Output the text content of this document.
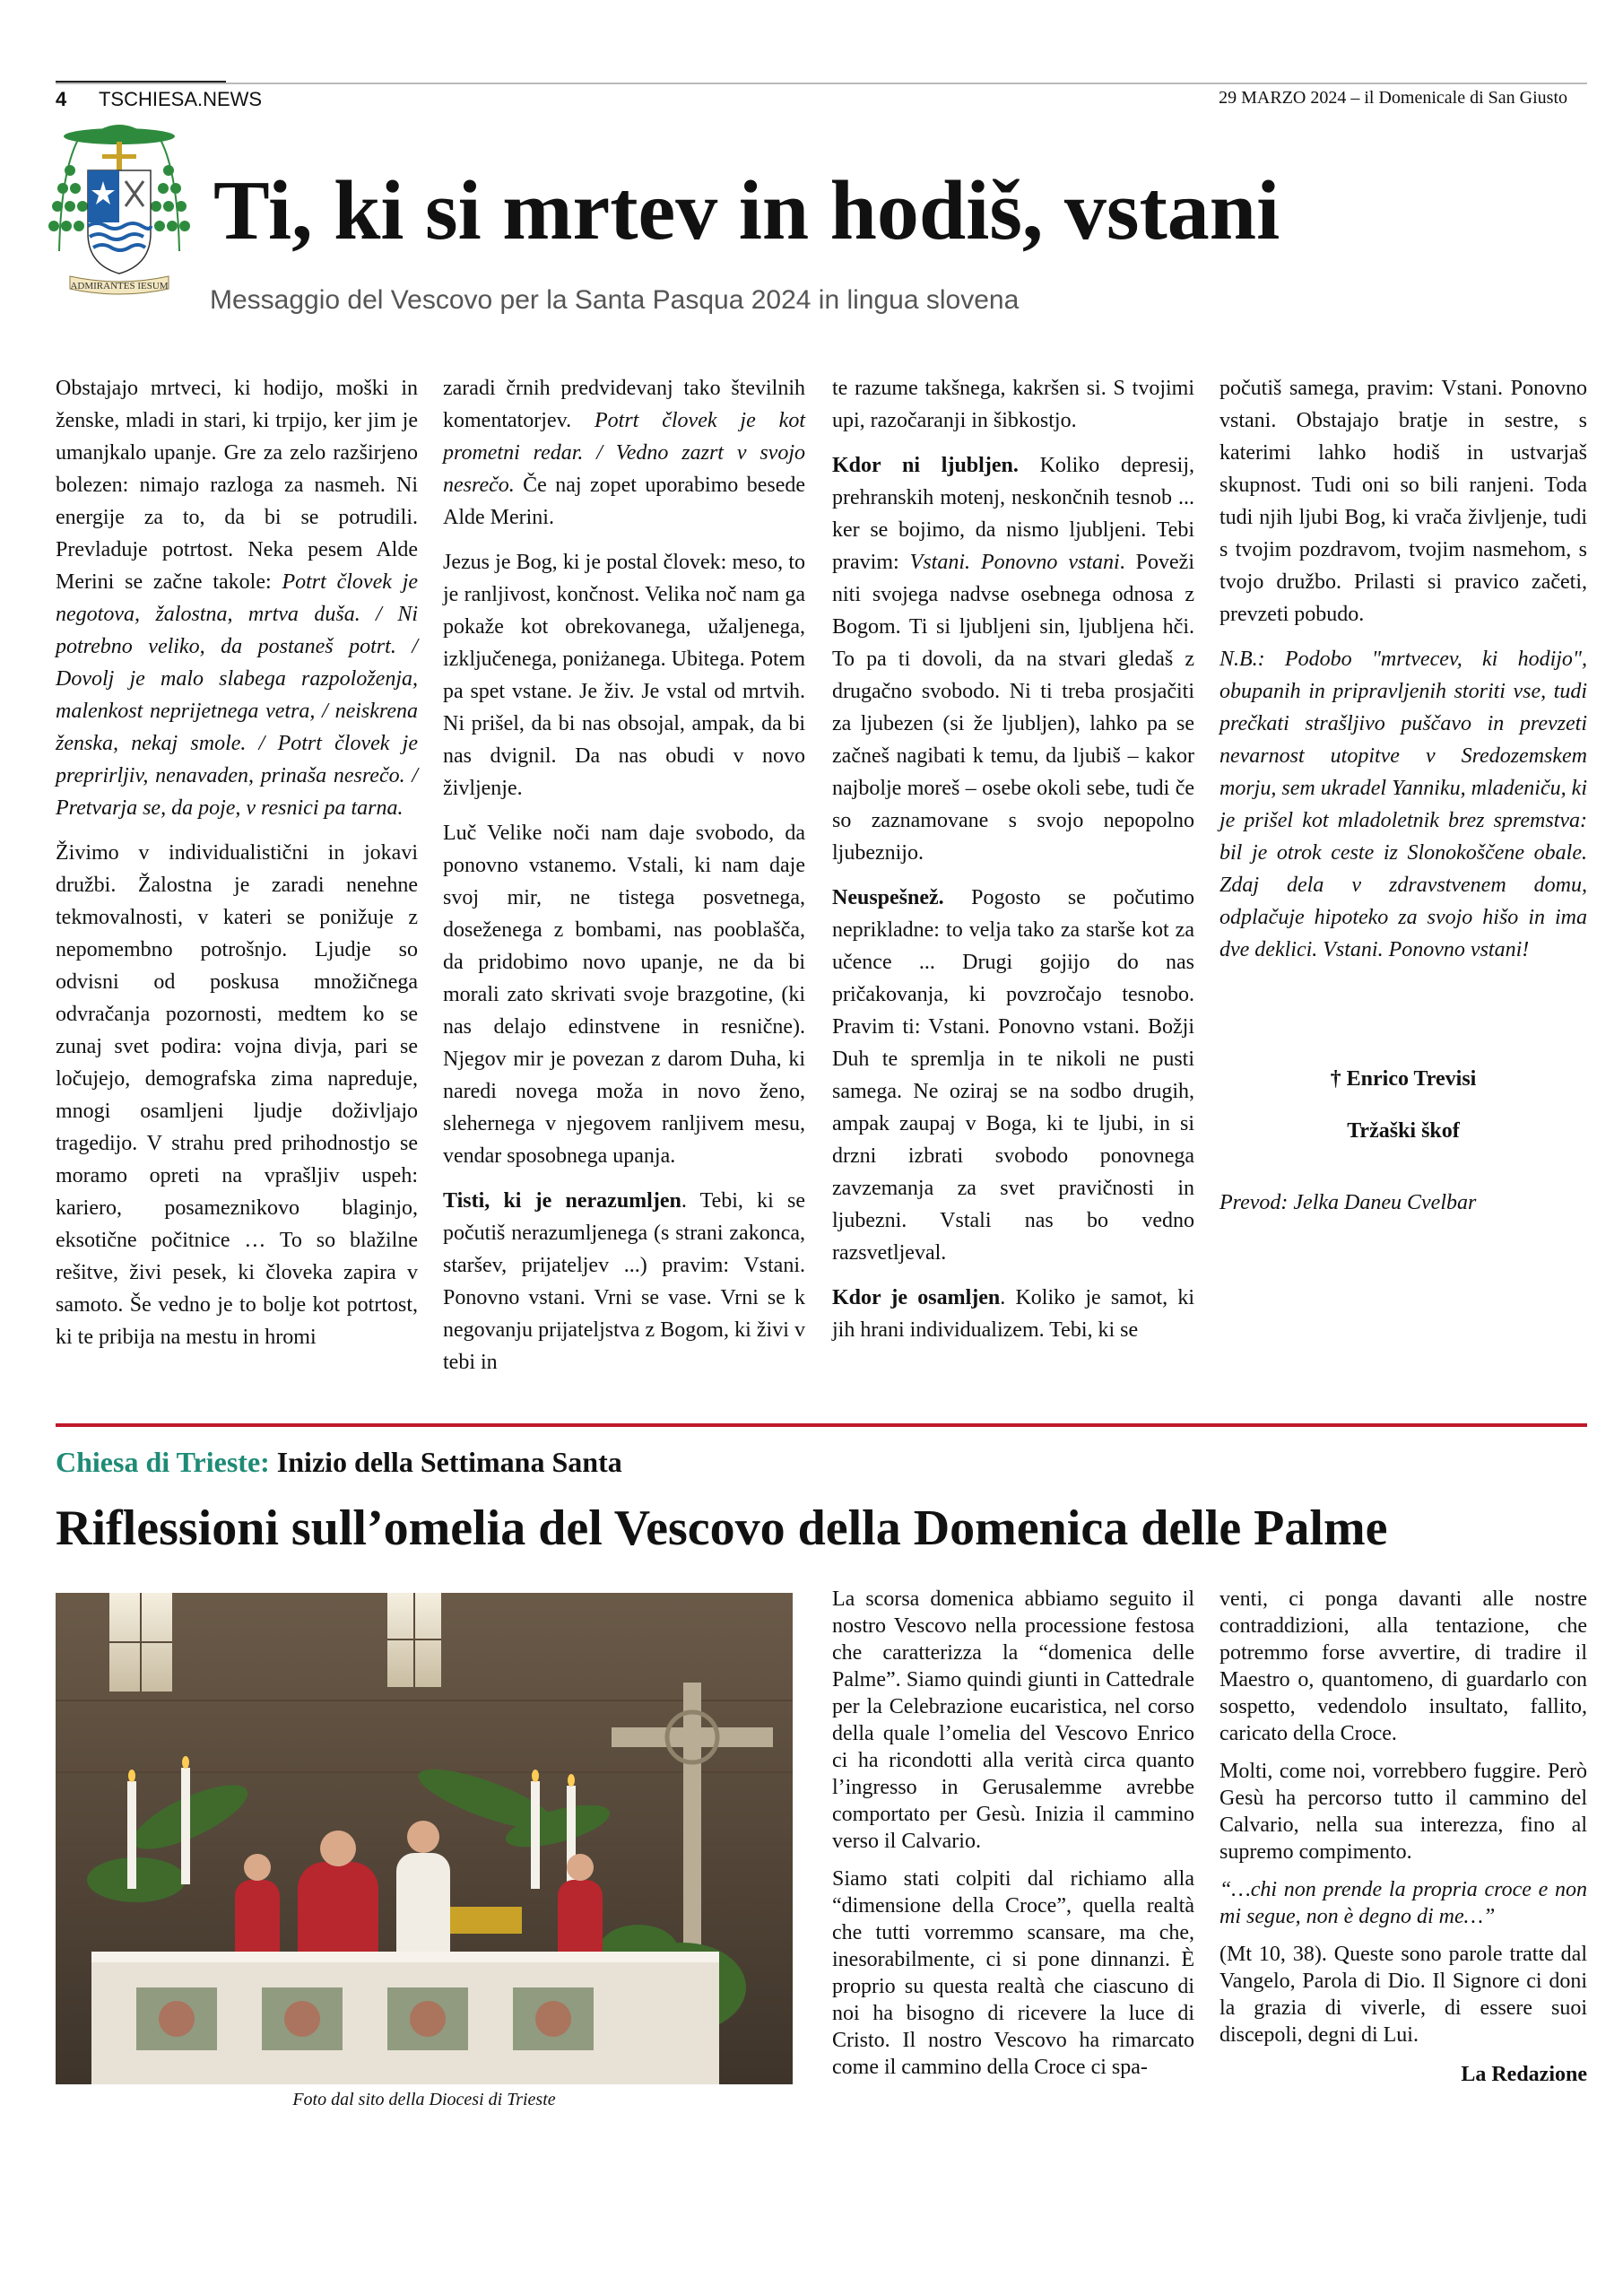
4 TSCHIESA.NEWS	29 MARZO 2024 – il Domenicale di San Giusto
ADMIRANTES IESUM
Ti, ki si mrtev in hodiš, vstani
Messaggio del Vescovo per la Santa Pasqua 2024 in lingua slovena

Obstajajo mrtveci, ki hodijo, moški in ženske, mladi in stari, ki trpijo, ker jim je umanjkalo upanje. Gre za zelo razširjeno bolezen: nimajo razloga za nasmeh. Ni energije za to, da bi se potrudili. Prevladuje potrtost. Neka pesem Alde Merini se začne takole: Potrt človek je negotova, žalostna, mrtva duša. / Ni potrebno veliko, da postaneš potrt. / Dovolj je malo slabega razpoloženja, malenkost neprijetnega vetra, / neiskrena ženska, nekaj smole. / Potrt človek je preprirljiv, nenavaden, prinaša nesrečo. / Pretvarja se, da poje, v resnici pa tarna.

Živimo v individualistični in jokavi družbi. Žalostna je zaradi nenehne tekmovalnosti, v kateri se ponižuje z nepomembno potrošnjo. Ljudje so odvisni od poskusa množičnega odvračanja pozornosti, medtem ko se zunaj svet podira: vojna divja, pari se ločujejo, demografska zima napreduje, mnogi osamljeni ljudje doživljajo tragedijo. V strahu pred prihodnostjo se moramo opreti na vprašljiv uspeh: kariero, posameznikovo blaginjo, eksotične počitnice … To so blažilne rešitve, živi pesek, ki človeka zapira v samoto. Še vedno je to bolje kot potrtost, ki te pribija na mestu in hromi

zaradi črnih predvidevanj tako številnih komentatorjev. Potrt človek je kot prometni redar. / Vedno zazrt v svojo nesrečo. Če naj zopet uporabimo besede Alde Merini.

Jezus je Bog, ki je postal človek: meso, to je ranljivost, končnost. Velika noč nam ga pokaže kot obrekovanega, užaljenega, izključenega, poniżanega. Ubitega. Potem pa spet vstane. Je živ. Je vstal od mrtvih. Ni prišel, da bi nas obsojal, ampak, da bi nas dvignil. Da nas obudi v novo življenje.

Luč Velike noči nam daje svobodo, da ponovno vstanemo. Vstali, ki nam daje svoj mir, ne tistega posvetnega, doseženega z bombami, nas pooblašča, da pridobimo novo upanje, ne da bi morali zato skrivati svoje brazgotine, (ki nas delajo edinstvene in resnične). Njegov mir je povezan z darom Duha, ki naredi novega moža in novo ženo, slehernega v njegovem ranljivem mesu, vendar sposobnega upanja.

Tisti, ki je nerazumljen. Tebi, ki se počutiš nerazumljenega (s strani zakonca, staršev, prijateljev ...) pravim: Vstani. Ponovno vstani. Vrni se vase. Vrni se k negovanju prijateljstva z Bogom, ki živi v tebi in

te razume takšnega, kakršen si. S tvojimi upi, razočaranji in šibkostjo.

Kdor ni ljubljen. Koliko depresij, prehranskih motenj, neskončnih tesnob ... ker se bojimo, da nismo ljubljeni. Tebi pravim: Vstani. Ponovno vstani. Poveži niti svojega nadvse osebnega odnosa z Bogom. Ti si ljubljeni sin, ljubljena hči. To pa ti dovoli, da na stvari gledaš z drugačno svobodo. Ni ti treba prosjačiti za ljubezen (si že ljubljen), lahko pa se začneš nagibati k temu, da ljubiš – kakor najbolje moreš – osebe okoli sebe, tudi če so zaznamovane s svojo nepopolno ljubeznijo.

Neuspešnež. Pogosto se počutimo neprikladne: to velja tako za starše kot za učence ... Drugi gojijo do nas pričakovanja, ki povzročajo tesnobo. Pravim ti: Vstani. Ponovno vstani. Božji Duh te spremlja in te nikoli ne pusti samega. Ne oziraj se na sodbo drugih, ampak zaupaj v Boga, ki te ljubi, in si drzni izbrati svobodo ponovnega zavzemanja za svet pravičnosti in ljubezni. Vstali nas bo vedno razsvetljeval.

Kdor je osamljen. Koliko je samot, ki jih hrani individualizem. Tebi, ki se

počutiš samega, pravim: Vstani. Ponovno vstani. Obstajajo bratje in sestre, s katerimi lahko hodiš in ustvarjaš skupnost. Tudi oni so bili ranjeni. Toda tudi njih ljubi Bog, ki vrača življenje, tudi s tvojim pozdravom, tvojim nasmehom, s tvojo družbo. Prilasti si pravico začeti, prevzeti pobudo.

N.B.: Podobo "mrtvecev, ki hodijo", obupanih in pripravljenih storiti vse, tudi prečkati strašljivo puščavo in prevzeti nevarnost utopitve v Sredozemskem morju, sem ukradel Yanniku, mladeniču, ki je prišel kot mladoletnik brez spremstva: bil je otrok ceste iz Slonokoščene obale. Zdaj dela v zdravstvenem domu, odplačuje hipoteko za svojo hišo in ima dve deklici. Vstani. Ponovno vstani!

† Enrico Trevisi

Tržaški škof

Prevod: Jelka Daneu Cvelbar

Chiesa di Trieste: Inizio della Settimana Santa
Riflessioni sull’omelia del Vescovo della Domenica delle Palme
Foto dal sito della Diocesi di Trieste

La scorsa domenica abbiamo seguito il nostro Vescovo nella processione festosa che caratterizza la “domenica delle Palme”. Siamo quindi giunti in Cattedrale per la Celebrazione eucaristica, nel corso della quale l’omelia del Vescovo Enrico ci ha ricondotti alla verità circa quanto l’ingresso in Gerusalemme avrebbe comportato per Gesù. Inizia il cammino verso il Calvario.

Siamo stati colpiti dal richiamo alla “dimensione della Croce”, quella realtà che tutti vorremmo scansare, ma che, inesorabilmente, ci si pone dinnanzi. È proprio su questa realtà che ciascuno di noi ha bisogno di ricevere la luce di Cristo. Il nostro Vescovo ha rimarcato come il cammino della Croce ci spa-

venti, ci ponga davanti alle nostre contraddizioni, alla tentazione, che potremmo forse avvertire, di tradire il Maestro o, quantomeno, di guardarlo con sospetto, vedendolo insultato, fallito, caricato della Croce.

Molti, come noi, vorrebbero fuggire. Però Gesù ha percorso tutto il cammino del Calvario, nella sua interezza, fino al supremo compimento.

“…chi non prende la propria croce e non mi segue, non è degno di me…”

(Mt 10, 38). Queste sono parole tratte dal Vangelo, Parola di Dio. Il Signore ci doni la grazia di viverle, di essere suoi discepoli, degni di Lui.

La Redazione
